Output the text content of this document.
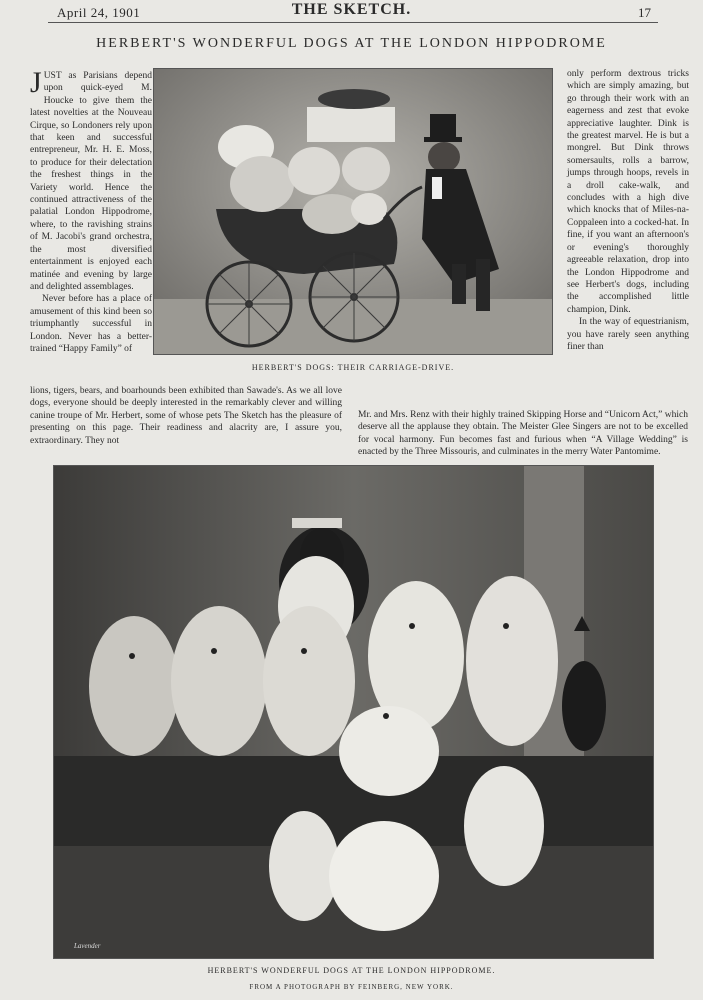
April 24, 1901	THE SKETCH.	17
HERBERT'S WONDERFUL DOGS AT THE LONDON HIPPODROME

JUST as Parisians depend upon quick-eyed M. Houcke to give them the latest novelties at the Nouveau Cirque, so Londoners rely upon that keen and successful entrepreneur, Mr. H. E. Moss, to produce for their delectation the freshest things in the Variety world. Hence the continued attractiveness of the palatial London Hippodrome, where, to the ravishing strains of M. Jacobi's grand orchestra, the most diversified entertainment is enjoyed each matinée and evening by large and delighted assemblages.

Never before has a place of amusement of this kind been so triumphantly successful in London. Never has a better-trained “Happy Family” of

only perform dextrous tricks which are simply amazing, but go through their work with an eagerness and zest that evoke appreciative laughter. Dink is the greatest marvel. He is but a mongrel. But Dink throws somersaults, rolls a barrow, jumps through hoops, revels in a droll cake-walk, and concludes with a high dive which knocks that of Miles-na-Coppaleen into a cocked-hat. In fine, if you want an afternoon's or evening's thoroughly agreeable relaxation, drop into the London Hippodrome and see Herbert's dogs, including the accomplished little champion, Dink.

In the way of equestrianism, you have rarely seen anything finer than

HERBERT'S DOGS: THEIR CARRIAGE-DRIVE.
lions, tigers, bears, and boarhounds been exhibited than Sawade's. As we all love dogs, everyone should be deeply interested in the remarkably clever and willing canine troupe of Mr. Herbert, some of whose pets The Sketch has the pleasure of presenting on this page. Their readiness and alacrity are, I assure you, extraordinary. They not
Mr. and Mrs. Renz with their highly trained Skipping Horse and “Unicorn Act,” which deserve all the applause they obtain. The Meister Glee Singers are not to be excelled for vocal harmony. Fun becomes fast and furious when “A Village Wedding” is enacted by the Three Missouris, and culminates in the merry Water Pantomime.
Lavender
HERBERT'S WONDERFUL DOGS AT THE LONDON HIPPODROME.
FROM A PHOTOGRAPH BY FEINBERG, NEW YORK.
